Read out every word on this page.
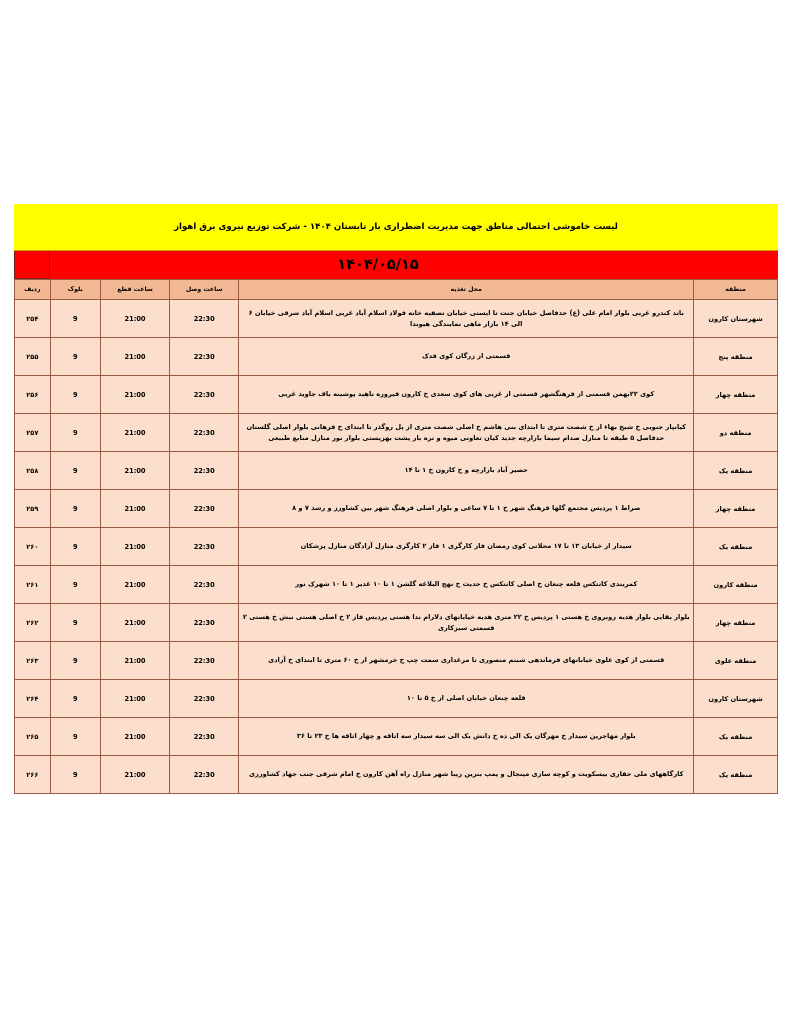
لیست خاموشی احتمالی مناطق جهت مدیریت اضطراری بار تابستان ۱۴۰۴ - شرکت توزیع نیروی برق اهواز
۱۴۰۴/۰۵/۱۵
منطقه	محل تغذیه	ساعت وصل	ساعت قطع	بلوک	ردیف
شهرستان کارون	باند کندرو غربی بلوار امام علی (ع) حدفاصل خیابان جنت تا ایستی خیابان تصفیه خانه فولاد اسلام آباد غربی اسلام آباد شرقی خیابان ۶ الی ۱۴ بازار ماهی نمایندگی هیوندا	22:30	21:00	9	۲۵۴
منطقه پنج	قسمتی از زرگان کوی فدک	22:30	21:00	9	۲۵۵
منطقه چهار	کوی ۲۲بهمن قسمتی از فرهنگشهر قسمتی از غربی های کوی سعدی خ کارون فیروزه ناهید پوشینه باف جاوید غربی	22:30	21:00	9	۲۵۶
منطقه دو	کیانپار جنوبی خ شیخ بهاء از خ شصت متری تا ابتدای بنی هاشم خ اصلی شصت متری از پل روگذر تا ابتدای خ فرهانی بلوار اصلی گلستان حدفاصل ۵ طبقه تا منازل صدام سیما بازارچه جدید کیان تعاونی میوه و تره بار پشت بهزیستی بلوار نور منازل منابع طبیعی	22:30	21:00	9	۲۵۷
منطقه یک	حصیر آباد بازارچه و خ کارون خ ۱ تا ۱۴	22:30	21:00	9	۲۵۸
منطقه چهار	صراط ۱ پردیس مجتمع گلها فرهنگ شهر خ ۱ تا ۷ ساعی و بلوار اصلی فرهنگ شهر بین کشاورز و رشد ۷ و ۸	22:30	21:00	9	۲۵۹
منطقه یک	سیدار از خیابان ۱۳ تا ۱۷ محلاتی کوی رمضان فاز کارگری ۱ فاز ۲ کارگری منازل آزادگان منازل پزشکان	22:30	21:00	9	۲۶۰
منطقه کارون	کمربندی کانتکس قلعه چنعان خ اصلی کانتکس خ حدیث خ نهج البلاغه گلشن ۱ تا ۱۰ غدیر ۱ تا ۱۰ شهرک نور	22:30	21:00	9	۲۶۱
منطقه چهار	بلوار بقایی بلوار هدیه روبروی خ هستی ۱ پردیس خ ۲۲ متری هدیه خیابانهای دلارام ندا هستی پردیس فاز ۲ خ اصلی هستی نبش خ هستی ۲ قسمتی سبزکاری	22:30	21:00	9	۲۶۲
منطقه علوی	قسمتی از کوی علوی خیابانهای فرماندهی شبنم منصوری تا مرغداری سمت چپ ح خرمشهر از خ ۶۰ متری تا ابتدای خ آزادی	22:30	21:00	9	۲۶۳
شهرستان کارون	قلعه چنعان خیابان اصلی از خ ۵ تا ۱۰	22:30	21:00	9	۲۶۴
منطقه یک	بلوار مهاجرین سیدار خ مهرگان یک الی ده خ دانش یک الی سه سیدار سه اتاقه و چهار اتاقه ها خ ۲۳ تا ۳۶	22:30	21:00	9	۲۶۵
منطقه یک	کارگاههای ملی حفاری بیسکویت و کوچه سازی مینجال و پمپ بنزین زیبا شهر منازل راه آهن کارون خ امام شرقی جنب جهاد کشاورزی	22:30	21:00	9	۲۶۶
